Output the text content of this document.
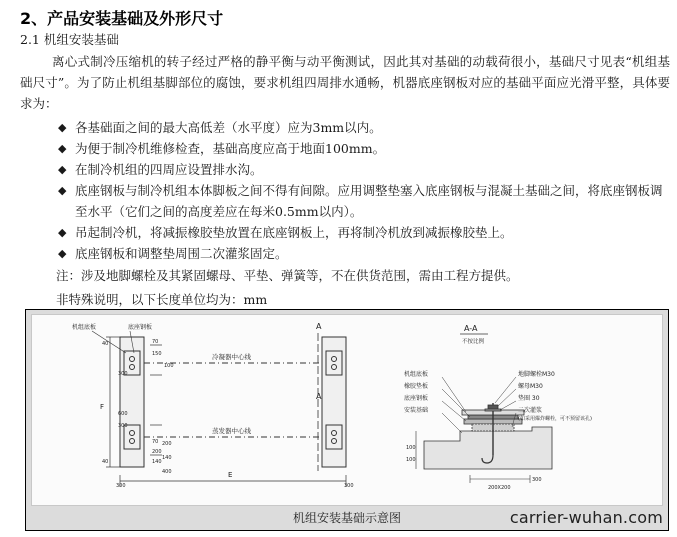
2、产品安装基础及外形尺寸
2.1 机组安装基础

离心式制冷压缩机的转子经过严格的静平衡与动平衡测试，因此其对基础的动载荷很小，基础尺寸见表“机组基础尺寸”。为了防止机组基脚部位的腐蚀，要求机组四周排水通畅，机器底座钢板对应的基础平面应光滑平整，具体要求为：

◆ 各基础面之间的最大高低差（水平度）应为3mm以内。
◆ 为便于制冷机维修检查，基础高度应高于地面100mm。
◆ 在制冷机组的四周应设置排水沟。
◆ 底座钢板与制冷机组本体脚板之间不得有间隙。应用调整垫塞入底座钢板与混凝土基础之间，将底座钢板调至水平（它们之间的高度差应在每米0.5mm以内）。
◆ 吊起制冷机，将减振橡胶垫放置在底座钢板上，再将制冷机放到减振橡胶垫上。
◆ 底座钢板和调整垫周围二次灌浆固定。
注：涉及地脚螺栓及其紧固螺母、平垫、弹簧等，不在供货范围，需由工程方提供。
非特殊说明，以下长度单位均为：mm
机组底板	底座钢板
冷凝器中心线
蒸发器中心线
A
A
E
F
40	70
150
600
300
70
200
140
100
40
300
400
140
200
300	300
A-A
不按比例
机组底板
橡胶垫板
底座钢板
安装基础
地脚螺栓M30
螺母M30
垫圈 30
二次灌浆
(如采用爆炸螺栓，可不预留该孔)
200X200
100
100
300
机组安装基础示意图	carrier-wuhan.com
